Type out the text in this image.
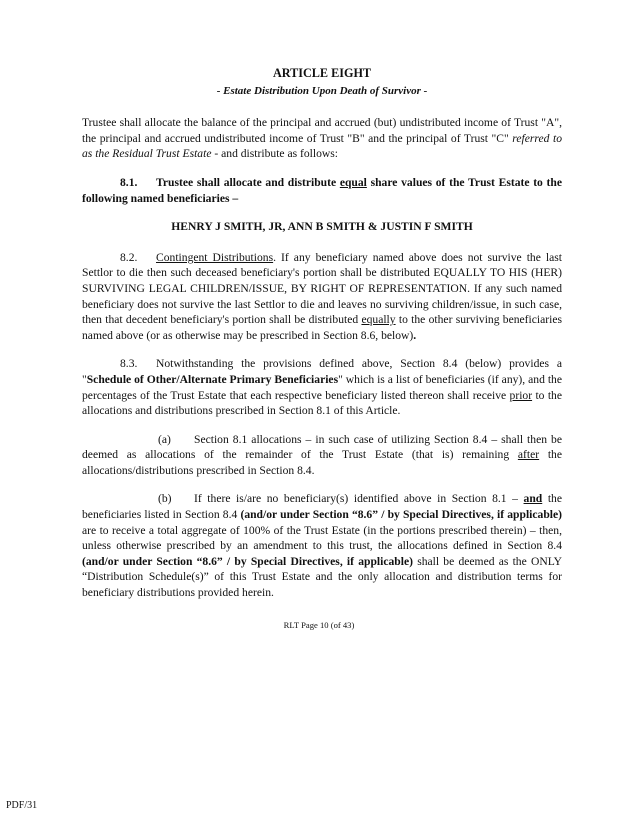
ARTICLE EIGHT

- Estate Distribution Upon Death of Survivor -

Trustee shall allocate the balance of the principal and accrued (but) undistributed income of Trust "A", the principal and accrued undistributed income of Trust "B" and the principal of Trust "C" referred to as the Residual Trust Estate - and distribute as follows:

8.1. Trustee shall allocate and distribute equal share values of the Trust Estate to the following named beneficiaries –

HENRY J SMITH, JR, ANN B SMITH & JUSTIN F SMITH

8.2. Contingent Distributions. If any beneficiary named above does not survive the last Settlor to die then such deceased beneficiary's portion shall be distributed EQUALLY TO HIS (HER) SURVIVING LEGAL CHILDREN/ISSUE, BY RIGHT OF REPRESENTATION. If any such named beneficiary does not survive the last Settlor to die and leaves no surviving children/issue, in such case, then that decedent beneficiary's portion shall be distributed equally to the other surviving beneficiaries named above (or as otherwise may be prescribed in Section 8.6, below).

8.3. Notwithstanding the provisions defined above, Section 8.4 (below) provides a "Schedule of Other/Alternate Primary Beneficiaries" which is a list of beneficiaries (if any), and the percentages of the Trust Estate that each respective beneficiary listed thereon shall receive prior to the allocations and distributions prescribed in Section 8.1 of this Article.

(a) Section 8.1 allocations – in such case of utilizing Section 8.4 – shall then be deemed as allocations of the remainder of the Trust Estate (that is) remaining after the allocations/distributions prescribed in Section 8.4.

(b) If there is/are no beneficiary(s) identified above in Section 8.1 – and the beneficiaries listed in Section 8.4 (and/or under Section “8.6” / by Special Directives, if applicable) are to receive a total aggregate of 100% of the Trust Estate (in the portions prescribed therein) – then, unless otherwise prescribed by an amendment to this trust, the allocations defined in Section 8.4 (and/or under Section “8.6” / by Special Directives, if applicable) shall be deemed as the ONLY “Distribution Schedule(s)” of this Trust Estate and the only allocation and distribution terms for beneficiary distributions provided herein.

RLT Page 10 (of 43)
PDF/31
